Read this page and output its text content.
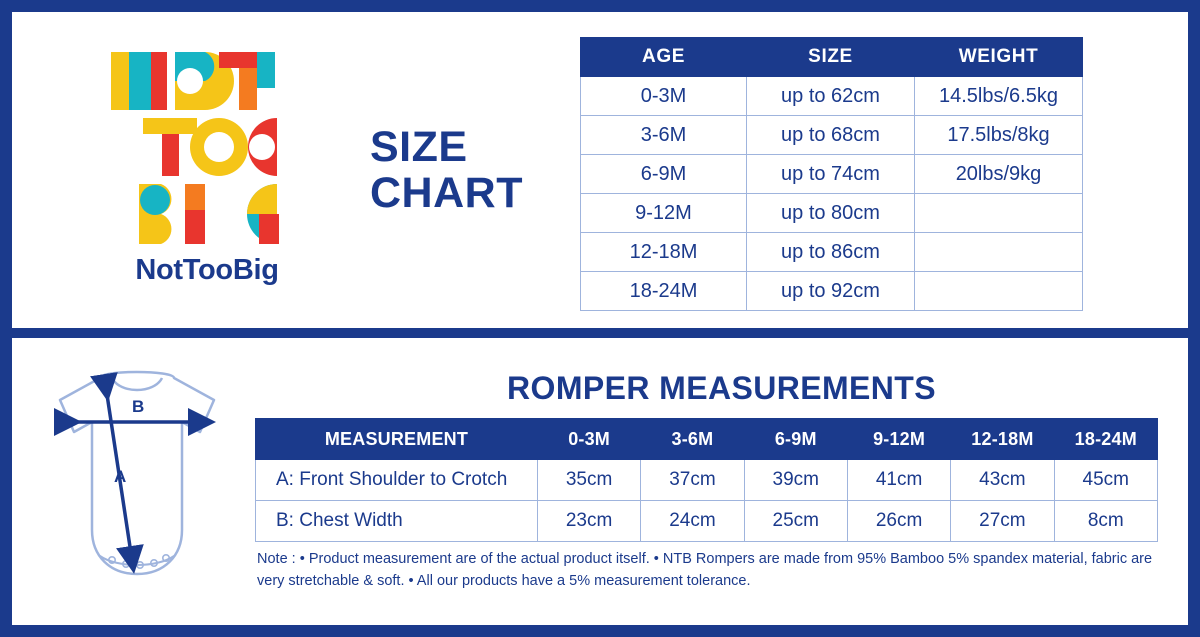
NotTooBig
SIZE
CHART
AGE	SIZE	WEIGHT
0-3M	up to 62cm	14.5lbs/6.5kg
3-6M	up to 68cm	17.5lbs/8kg
6-9M	up to 74cm	20lbs/9kg
9-12M	up to 80cm	
12-18M	up to 86cm	
18-24M	up to 92cm	
A
B
ROMPER MEASUREMENTS
MEASUREMENT	0-3M	3-6M	6-9M	9-12M	12-18M	18-24M
A: Front Shoulder to Crotch	35cm	37cm	39cm	41cm	43cm	45cm
B: Chest Width	23cm	24cm	25cm	26cm	27cm	8cm
Note : • Product measurement are of the actual product itself. • NTB Rompers are made from 95% Bamboo 5% spandex material, fabric are very stretchable & soft. • All our products have a 5% measurement tolerance.
